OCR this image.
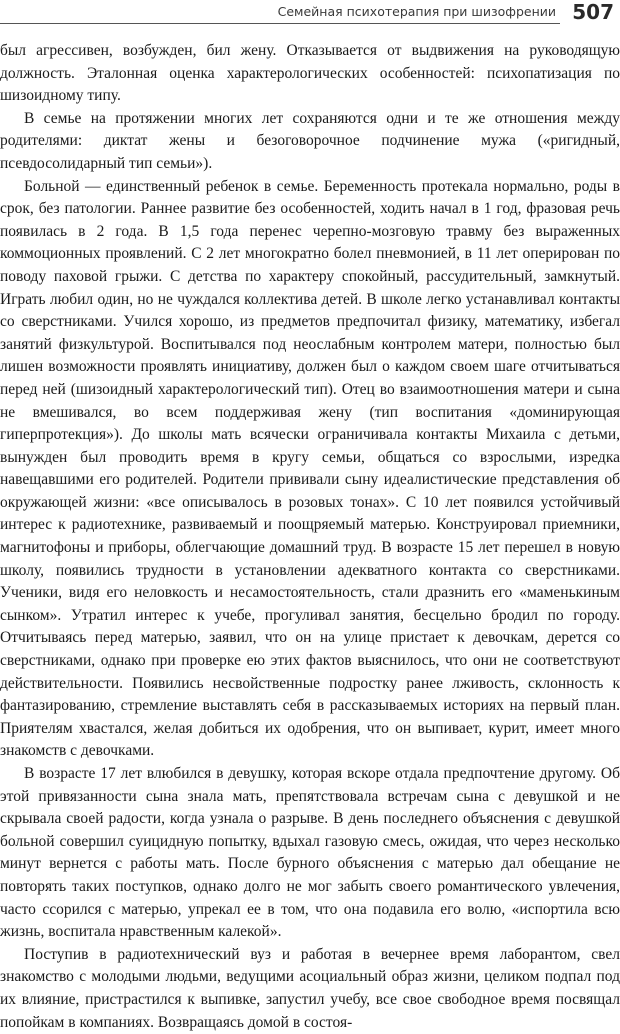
Семейная психотерапия при шизофрении 507

был агрессивен, возбужден, бил жену. Отказывается от выдвижения на руководящую должность. Эталонная оценка характерологических особенностей: психопатизация по шизоидному типу.

В семье на протяжении многих лет сохраняются одни и те же отношения между родителями: диктат жены и безоговорочное подчинение мужа («ригидный, псевдосолидарный тип семьи»).

Больной — единственный ребенок в семье. Беременность протекала нормально, роды в срок, без патологии. Раннее развитие без особенностей, ходить начал в 1 год, фразовая речь появилась в 2 года. В 1,5 года перенес черепно-мозговую травму без выраженных коммоционных проявлений. С 2 лет многократно болел пневмонией, в 11 лет оперирован по поводу паховой грыжи. С детства по характеру спокойный, рассудительный, замкнутый. Играть любил один, но не чуждался коллектива детей. В школе легко устанавливал контакты со сверстниками. Учился хорошо, из предметов предпочитал физику, математику, избегал занятий физкультурой. Воспитывался под неослабным контролем матери, полностью был лишен возможности проявлять инициативу, должен был о каждом своем шаге отчитываться перед ней (шизоидный характерологический тип). Отец во взаимоотношения матери и сына не вмешивался, во всем поддерживая жену (тип воспитания «доминирующая гиперпротекция»). До школы мать всячески ограничивала контакты Михаила с детьми, вынужден был проводить время в кругу семьи, общаться со взрослыми, изредка навещавшими его родителей. Родители прививали сыну идеалистические представления об окружающей жизни: «все описывалось в розовых тонах». С 10 лет появился устойчивый интерес к радиотехнике, развиваемый и поощряемый матерью. Конструировал приемники, магнитофоны и приборы, облегчающие домашний труд. В возрасте 15 лет перешел в новую школу, появились трудности в установлении адекватного контакта со сверстниками. Ученики, видя его неловкость и несамостоятельность, стали дразнить его «маменькиным сынком». Утратил интерес к учебе, прогуливал занятия, бесцельно бродил по городу. Отчитываясь перед матерью, заявил, что он на улице пристает к девочкам, дерется со сверстниками, однако при проверке ею этих фактов выяснилось, что они не соответствуют действительности. Появились несвойственные подростку ранее лживость, склонность к фантазированию, стремление выставлять себя в рассказываемых историях на первый план. Приятелям хвастался, желая добиться их одобрения, что он выпивает, курит, имеет много знакомств с девочками.

В возрасте 17 лет влюбился в девушку, которая вскоре отдала предпочтение другому. Об этой привязанности сына знала мать, препятствовала встречам сына с девушкой и не скрывала своей радости, когда узнала о разрыве. В день последнего объяснения с девушкой больной совершил суицидную попытку, вдыхал газовую смесь, ожидая, что через несколько минут вернется с работы мать. После бурного объяснения с матерью дал обещание не повторять таких поступков, однако долго не мог забыть своего романтического увлечения, часто ссорился с матерью, упрекал ее в том, что она подавила его волю, «испортила всю жизнь, воспитала нравственным калекой».

Поступив в радиотехнический вуз и работая в вечернее время лаборантом, свел знакомство с молодыми людьми, ведущими асоциальный образ жизни, целиком подпал под их влияние, пристрастился к выпивке, запустил учебу, все свое свободное время посвящал попойкам в компаниях. Возвращаясь домой в состоя-
